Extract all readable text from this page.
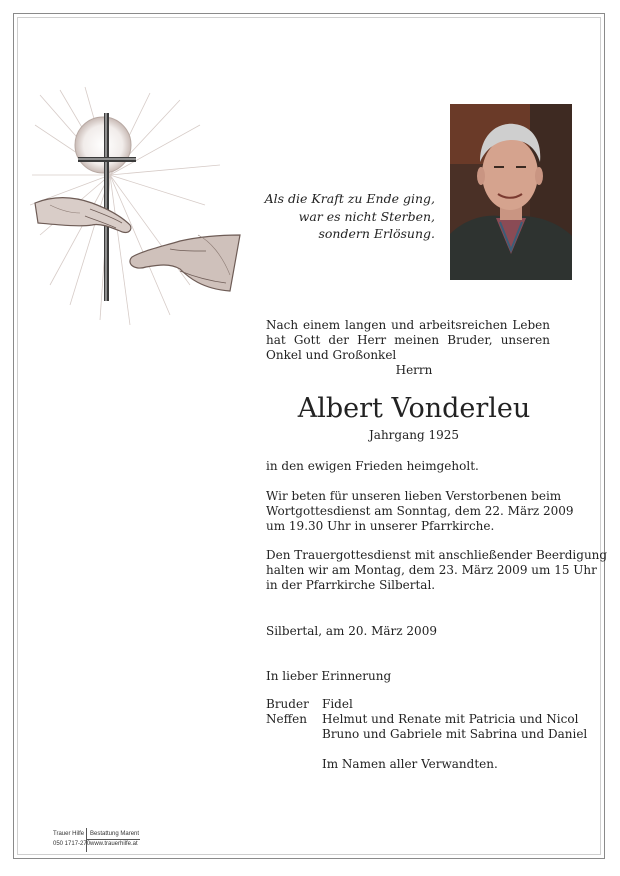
Als die Kraft zu Ende ging,
war es nicht Sterben,
sondern Erlösung.
Nach einem langen und arbeitsreichen Leben hat Gott der Herr meinen Bruder, unseren Onkel und Großonkel
Herrn
Albert Vonderleu
Jahrgang 1925
in den ewigen Frieden heimgeholt.
Wir beten für unseren lieben Verstorbenen beim
Wortgottesdienst am Sonntag, dem 22. März 2009
um 19.30 Uhr in unserer Pfarrkirche.
Den Trauergottesdienst mit anschließender Beerdigung
halten wir am Montag, dem 23. März 2009 um 15 Uhr
in der Pfarrkirche Silbertal.
Silbertal, am 20. März 2009
In lieber Erinnerung
Bruder Fidel
Neffen Helmut und Renate mit Patricia und Nicol
Bruno und Gabriele mit Sabrina und Daniel
Im Namen aller Verwandten.
Trauer Hilfe
050 1717-270
Bestattung Marent
www.trauerhilfe.at
